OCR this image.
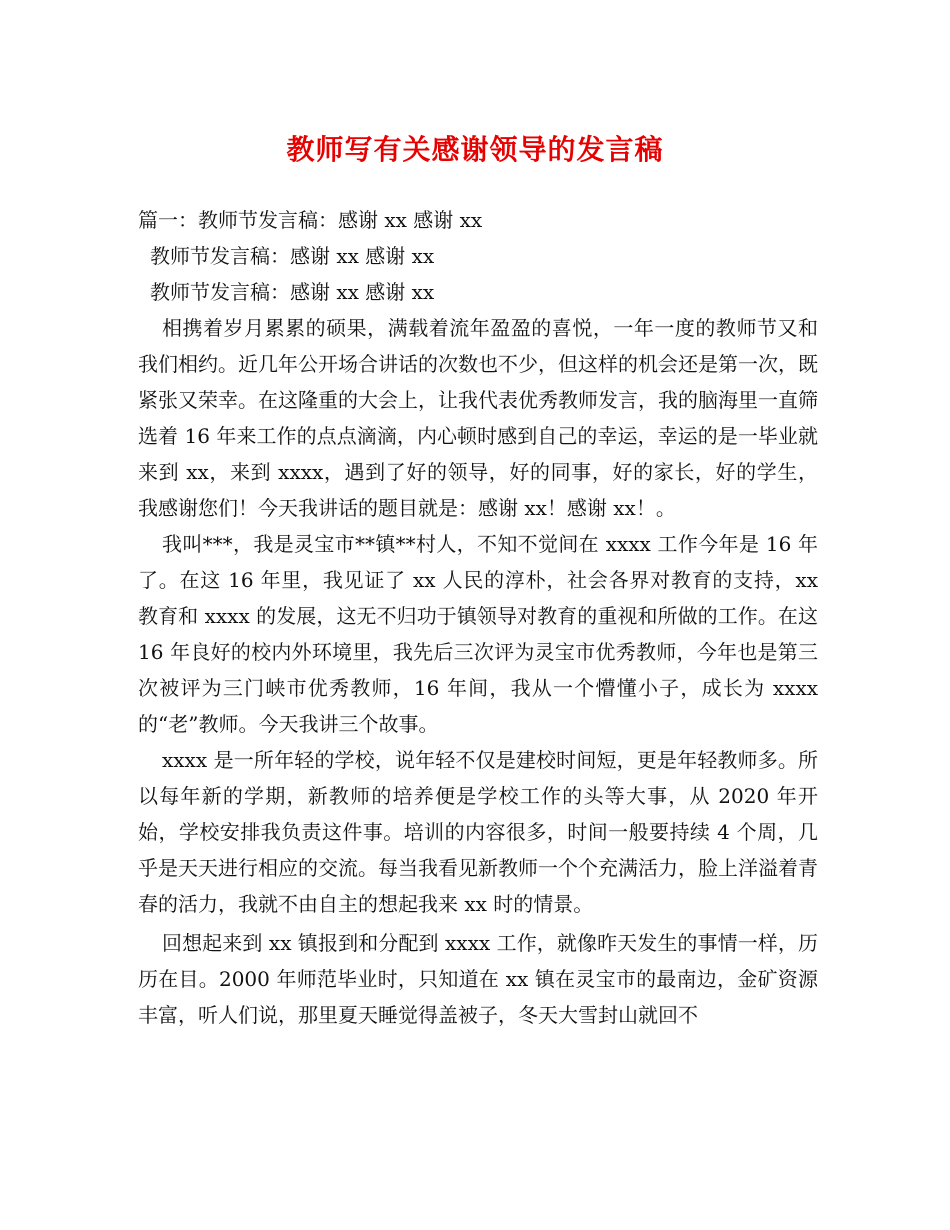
教师写有关感谢领导的发言稿

篇一：教师节发言稿：感谢 xx 感谢 xx

教师节发言稿：感谢 xx 感谢 xx

教师节发言稿：感谢 xx 感谢 xx

相携着岁月累累的硕果，满载着流年盈盈的喜悦，一年一度的教师节又和我们相约。近几年公开场合讲话的次数也不少，但这样的机会还是第一次，既紧张又荣幸。在这隆重的大会上，让我代表优秀教师发言，我的脑海里一直筛选着 16 年来工作的点点滴滴，内心顿时感到自己的幸运，幸运的是一毕业就来到 xx，来到 xxxx，遇到了好的领导，好的同事，好的家长，好的学生，我感谢您们！今天我讲话的题目就是：感谢 xx！感谢 xx！。

我叫***，我是灵宝市**镇**村人，不知不觉间在 xxxx 工作今年是 16 年了。在这 16 年里，我见证了 xx 人民的淳朴，社会各界对教育的支持，xx 教育和 xxxx 的发展，这无不归功于镇领导对教育的重视和所做的工作。在这 16 年良好的校内外环境里，我先后三次评为灵宝市优秀教师，今年也是第三次被评为三门峡市优秀教师，16 年间，我从一个懵懂小子，成长为 xxxx 的“老”教师。今天我讲三个故事。

xxxx 是一所年轻的学校，说年轻不仅是建校时间短，更是年轻教师多。所以每年新的学期，新教师的培养便是学校工作的头等大事，从 2020 年开始，学校安排我负责这件事。培训的内容很多，时间一般要持续 4 个周，几乎是天天进行相应的交流。每当我看见新教师一个个充满活力，脸上洋溢着青春的活力，我就不由自主的想起我来 xx 时的情景。

回想起来到 xx 镇报到和分配到 xxxx 工作，就像昨天发生的事情一样，历历在目。2000 年师范毕业时，只知道在 xx 镇在灵宝市的最南边，金矿资源丰富，听人们说，那里夏天睡觉得盖被子，冬天大雪封山就回不
